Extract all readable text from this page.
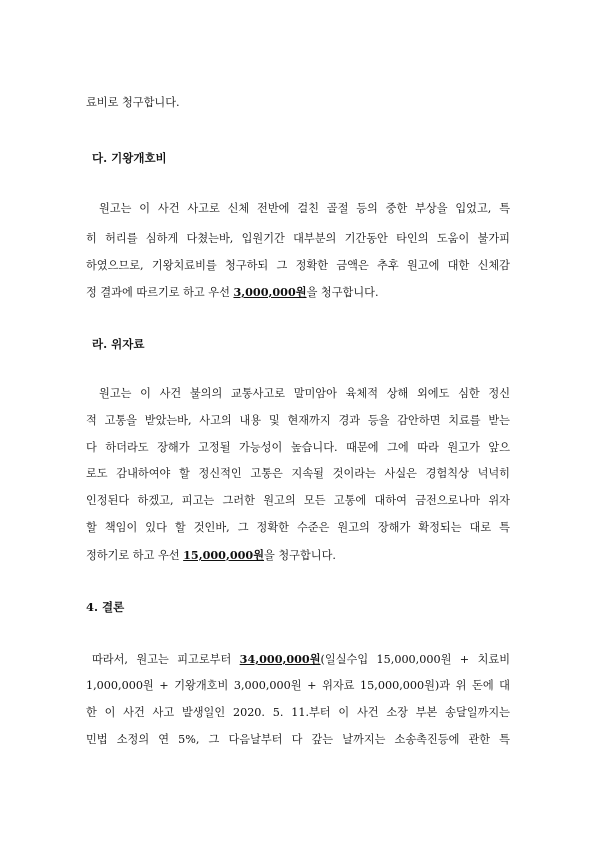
료비로 청구합니다.
다. 기왕개호비
원고는 이 사건 사고로 신체 전반에 걸친 골절 등의 중한 부상을 입었고, 특
히 허리를 심하게 다쳤는바, 입원기간 대부분의 기간동안 타인의 도움이 불가피
하였으므로, 기왕치료비를 청구하되 그 정확한 금액은 추후 원고에 대한 신체감
정 결과에 따르기로 하고 우선 3,000,000원을 청구합니다.
라. 위자료
원고는 이 사건 불의의 교통사고로 말미암아 육체적 상해 외에도 심한 정신
적 고통을 받았는바, 사고의 내용 및 현재까지 경과 등을 감안하면 치료를 받는
다 하더라도 장해가 고정될 가능성이 높습니다. 때문에 그에 따라 원고가 앞으
로도 감내하여야 할 정신적인 고통은 지속될 것이라는 사실은 경험칙상 넉넉히
인정된다 하겠고, 피고는 그러한 원고의 모든 고통에 대하여 금전으로나마 위자
할 책임이 있다 할 것인바, 그 정확한 수준은 원고의 장해가 확정되는 대로 특
정하기로 하고 우선 15,000,000원을 청구합니다.
4. 결론
따라서, 원고는 피고로부터 34,000,000원(일실수입 15,000,000원 + 치료비
1,000,000원 + 기왕개호비 3,000,000원 + 위자료 15,000,000원)과 위 돈에 대
한 이 사건 사고 발생일인 2020. 5. 11.부터 이 사건 소장 부본 송달일까지는
민법 소정의 연 5%, 그 다음날부터 다 갚는 날까지는 소송촉진등에 관한 특
